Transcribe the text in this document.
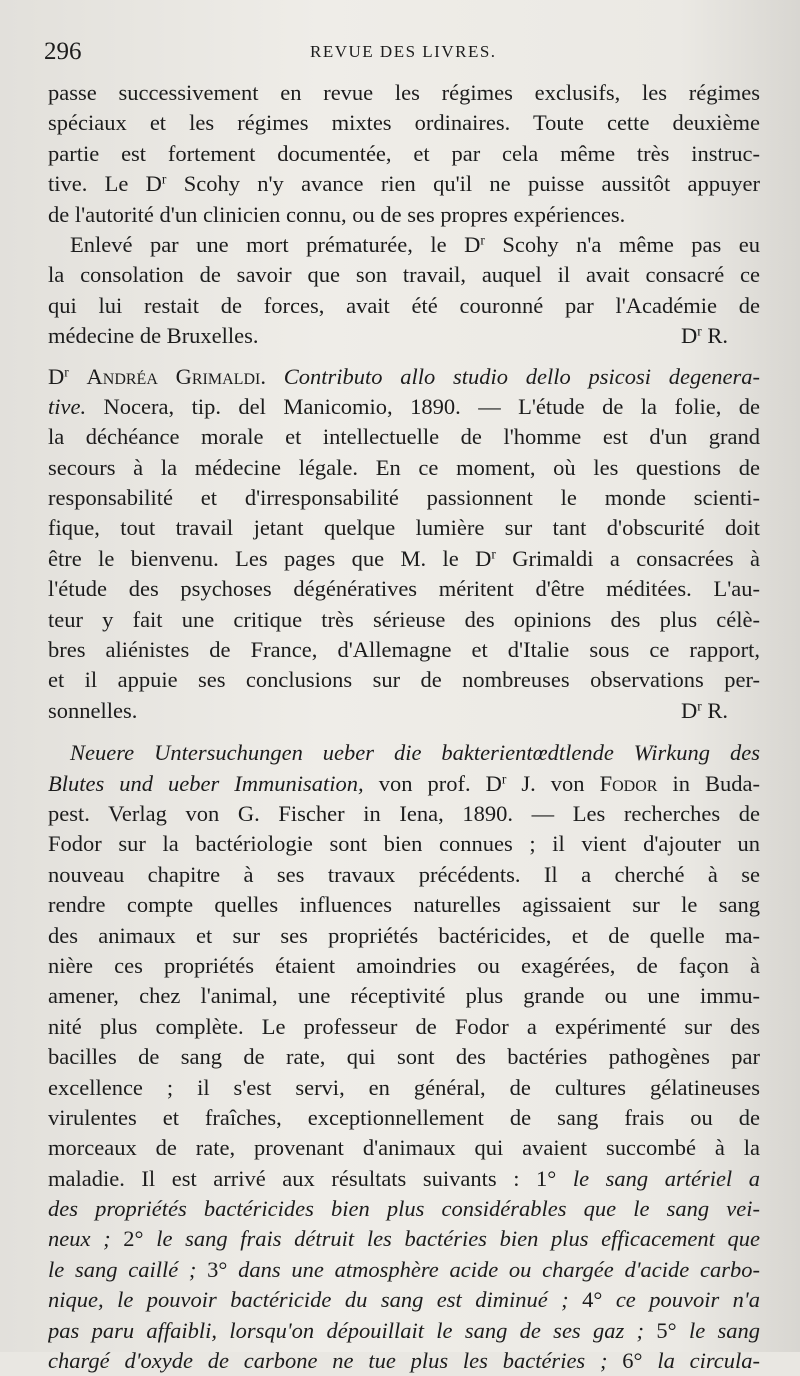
296	REVUE DES LIVRES.
passe successivement en revue les régimes exclusifs, les régimes
spéciaux et les régimes mixtes ordinaires. Toute cette deuxième
partie est fortement documentée, et par cela même très instruc-
tive. Le $D^r$ Scohy n'y avance rien qu'il ne puisse aussitôt appuyer
de l'autorité d'un clinicien connu, ou de ses propres expériences.
Enlevé par une mort prématurée, le $D^r$ Scohy n'a même pas eu
la consolation de savoir que son travail, auquel il avait consacré ce
qui lui restait de forces, avait été couronné par l'Académie de
médecine de Bruxelles.	$D^r$ R.
$D^r$ Andréa Grimaldi. Contributo allo studio dello psicosi degenera-
tive. Nocera, tip. del Manicomio, 1890. — L'étude de la folie, de
la déchéance morale et intellectuelle de l'homme est d'un grand
secours à la médecine légale. En ce moment, où les questions de
responsabilité et d'irresponsabilité passionnent le monde scienti-
fique, tout travail jetant quelque lumière sur tant d'obscurité doit
être le bienvenu. Les pages que M. le $D^r$ Grimaldi a consacrées à
l'étude des psychoses dégénératives méritent d'être méditées. L'au-
teur y fait une critique très sérieuse des opinions des plus célè-
bres aliénistes de France, d'Allemagne et d'Italie sous ce rapport,
et il appuie ses conclusions sur de nombreuses observations per-
sonnelles.	$D^r$ R.
Neuere Untersuchungen ueber die bakterientœdtlende Wirkung des
Blutes und ueber Immunisation, von prof. $D^r$ J. von Fodor in Buda-
pest. Verlag von G. Fischer in Iena, 1890. — Les recherches de
Fodor sur la bactériologie sont bien connues ; il vient d'ajouter un
nouveau chapitre à ses travaux précédents. Il a cherché à se
rendre compte quelles influences naturelles agissaient sur le sang
des animaux et sur ses propriétés bactéricides, et de quelle ma-
nière ces propriétés étaient amoindries ou exagérées, de façon à
amener, chez l'animal, une réceptivité plus grande ou une immu-
nité plus complète. Le professeur de Fodor a expérimenté sur des
bacilles de sang de rate, qui sont des bactéries pathogènes par
excellence ; il s'est servi, en général, de cultures gélatineuses
virulentes et fraîches, exceptionnellement de sang frais ou de
morceaux de rate, provenant d'animaux qui avaient succombé à la
maladie. Il est arrivé aux résultats suivants : 1° le sang artériel a
des propriétés bactéricides bien plus considérables que le sang vei-
neux ; 2° le sang frais détruit les bactéries bien plus efficacement que
le sang caillé ; 3° dans une atmosphère acide ou chargée d'acide carbo-
nique, le pouvoir bactéricide du sang est diminué ; 4° ce pouvoir n'a
pas paru affaibli, lorsqu'on dépouillait le sang de ses gaz ; 5° le sang
chargé d'oxyde de carbone ne tue plus les bactéries ; 6° la circula-
